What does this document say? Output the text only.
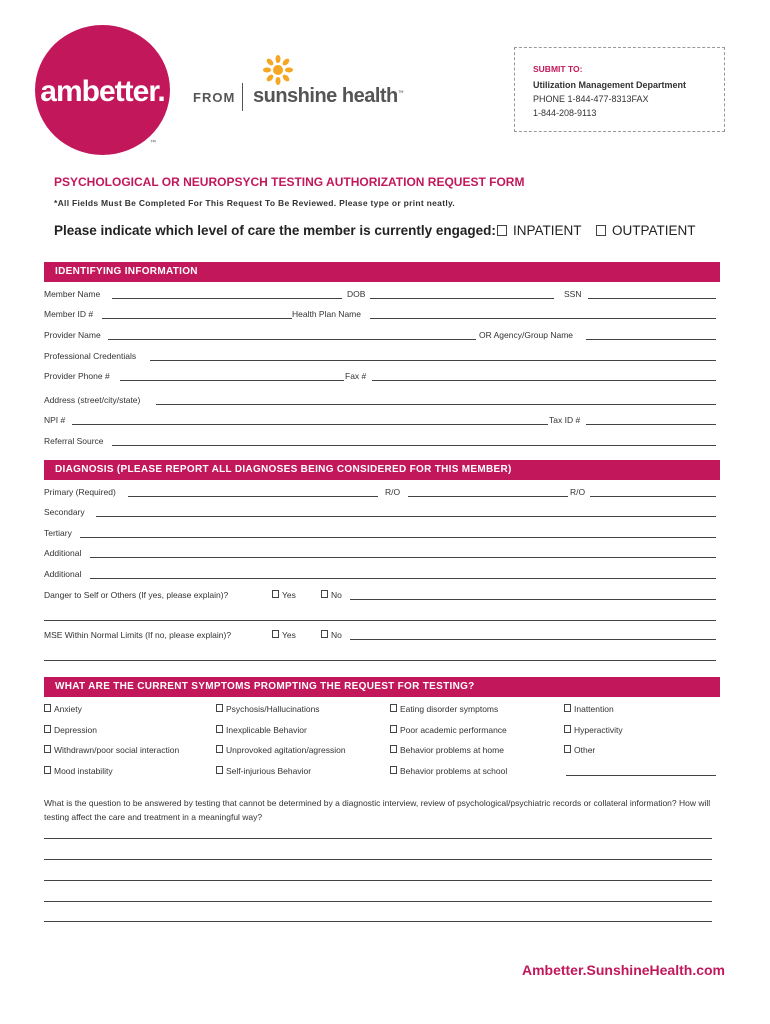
ambetter.
™
FROM sunshine health™
SUBMIT TO:
Utilization Management Department
PHONE 1-844-477-8313FAX
1-844-208-9113
PSYCHOLOGICAL OR NEUROPSYCH TESTING AUTHORIZATION REQUEST FORM
*All Fields Must Be Completed For This Request To Be Reviewed. Please type or print neatly.
Please indicate which level of care the member is currently engaged:	INPATIENT	OUTPATIENT
IDENTIFYING INFORMATION
Member Name	DOB	SSN
Member ID #	Health Plan Name
Provider Name	OR Agency/Group Name
Professional Credentials
Provider Phone #	Fax #
Address (street/city/state)
NPI #	Tax ID #
Referral Source
DIAGNOSIS (PLEASE REPORT ALL DIAGNOSES BEING CONSIDERED FOR THIS MEMBER)
Primary (Required)	R/O	R/O
Secondary
Tertiary
Additional
Additional
Danger to Self or Others (If yes, please explain)?	Yes	No
MSE Within Normal Limits (If no, please explain)?	Yes	No
WHAT ARE THE CURRENT SYMPTOMS PROMPTING THE REQUEST FOR TESTING?
Anxiety	Psychosis/Hallucinations	Eating disorder symptoms	Inattention
Depression	Inexplicable Behavior	Poor academic performance	Hyperactivity
Withdrawn/poor social interaction	Unprovoked agitation/agression	Behavior problems at home	Other
Mood instability	Self-injurious Behavior	Behavior problems at school
What is the question to be answered by testing that cannot be determined by a diagnostic interview, review of psychological/psychiatric records or collateral information? How will testing affect the care and treatment in a meaningful way?
Ambetter.SunshineHealth.com
